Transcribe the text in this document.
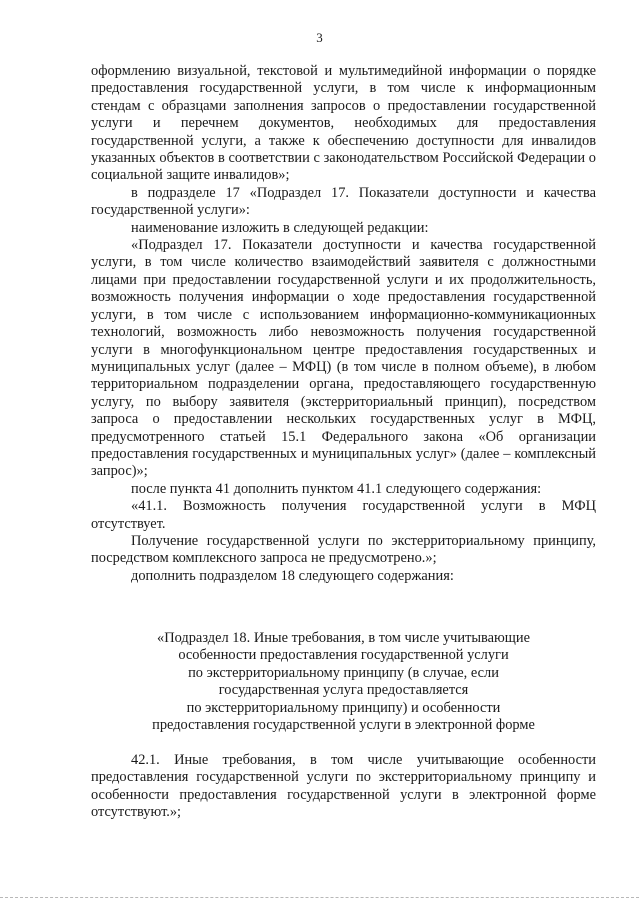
3

оформлению визуальной, текстовой и мультимедийной информации о порядке предоставления государственной услуги, в том числе к информационным стендам с образцами заполнения запросов о предоставлении государственной услуги и перечнем документов, необходимых для предоставления государственной услуги, а также к обеспечению доступности для инвалидов указанных объектов в соответствии с законодательством Российской Федерации о социальной защите инвалидов»;

в подразделе 17 «Подраздел 17. Показатели доступности и качества государственной услуги»:

наименование изложить в следующей редакции:

«Подраздел 17. Показатели доступности и качества государственной услуги, в том числе количество взаимодействий заявителя с должностными лицами при предоставлении государственной услуги и их продолжительность, возможность получения информации о ходе предоставления государственной услуги, в том числе с использованием информационно-коммуникационных технологий, возможность либо невозможность получения государственной услуги в многофункциональном центре предоставления государственных и муниципальных услуг (далее – МФЦ) (в том числе в полном объеме), в любом территориальном подразделении органа, предоставляющего государственную услугу, по выбору заявителя (экстерриториальный принцип), посредством запроса о предоставлении нескольких государственных услуг в МФЦ, предусмотренного статьей 15.1 Федерального закона «Об организации предоставления государственных и муниципальных услуг» (далее – комплексный запрос)»;

после пункта 41 дополнить пунктом 41.1 следующего содержания:

«41.1. Возможность получения государственной услуги в МФЦ отсутствует.

Получение государственной услуги по экстерриториальному принципу, посредством комплексного запроса не предусмотрено.»;

дополнить подразделом 18 следующего содержания:

«Подраздел 18. Иные требования, в том числе учитывающие
особенности предоставления государственной услуги
по экстерриториальному принципу (в случае, если
государственная услуга предоставляется
по экстерриториальному принципу) и особенности
предоставления государственной услуги в электронной форме

42.1. Иные требования, в том числе учитывающие особенности предоставления государственной услуги по экстерриториальному принципу и особенности предоставления государственной услуги в электронной форме отсутствуют.»;
